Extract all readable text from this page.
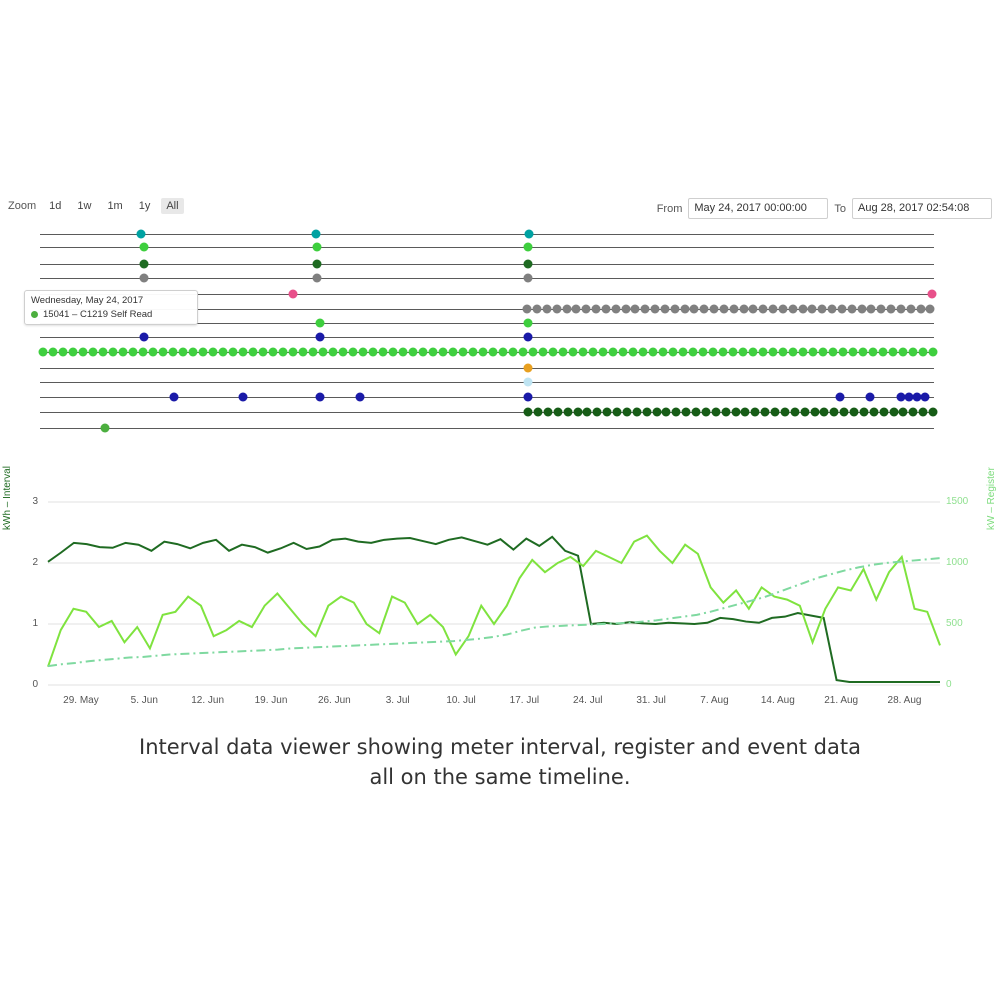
Zoom	1d	1w	1m	1y	All	From
May 24, 2017 00:00:00	To
Aug 28, 2017 02:54:08
Wednesday, May 24, 2017
15041 – C1219 Self Read
kWh – Interval	kW – Register
0
1
2
3
0
500
1000
1500
29. May	5. Jun	12. Jun	19. Jun	26. Jun	3. Jul	10. Jul	17. Jul	24. Jul	31. Jul	7. Aug	14. Aug	21. Aug	28. Aug
Interval data viewer showing meter interval, register and event data
all on the same timeline.
